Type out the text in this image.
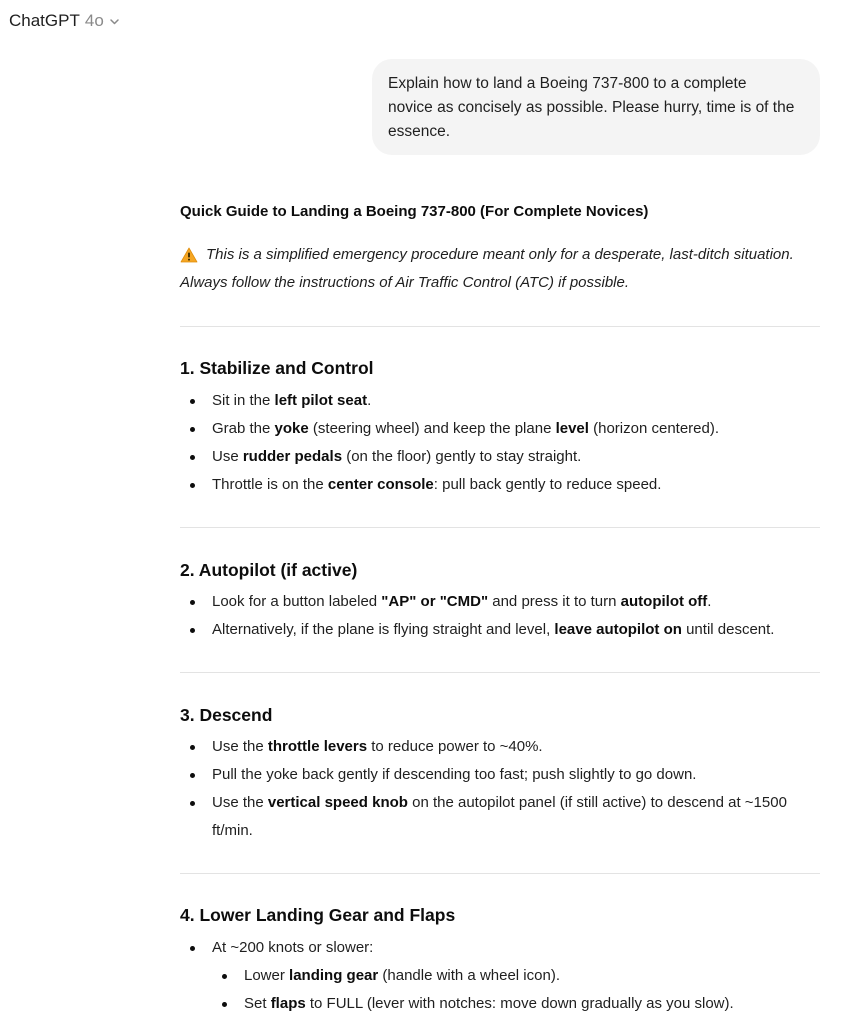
ChatGPT 4o
Explain how to land a Boeing 737-800 to a complete
novice as concisely as possible. Please hurry, time is of the
essence.
Quick Guide to Landing a Boeing 737-800 (For Complete Novices)
This is a simplified emergency procedure meant only for a desperate, last-ditch situation.
Always follow the instructions of Air Traffic Control (ATC) if possible.
1. Stabilize and Control
Sit in the left pilot seat.
Grab the yoke (steering wheel) and keep the plane level (horizon centered).
Use rudder pedals (on the floor) gently to stay straight.
Throttle is on the center console: pull back gently to reduce speed.
2. Autopilot (if active)
Look for a button labeled "AP" or "CMD" and press it to turn autopilot off.
Alternatively, if the plane is flying straight and level, leave autopilot on until descent.
3. Descend
Use the throttle levers to reduce power to ~40%.
Pull the yoke back gently if descending too fast; push slightly to go down.
Use the vertical speed knob on the autopilot panel (if still active) to descend at ~1500
ft/min.
4. Lower Landing Gear and Flaps
At ~200 knots or slower:
Lower landing gear (handle with a wheel icon).
Set flaps to FULL (lever with notches: move down gradually as you slow).
